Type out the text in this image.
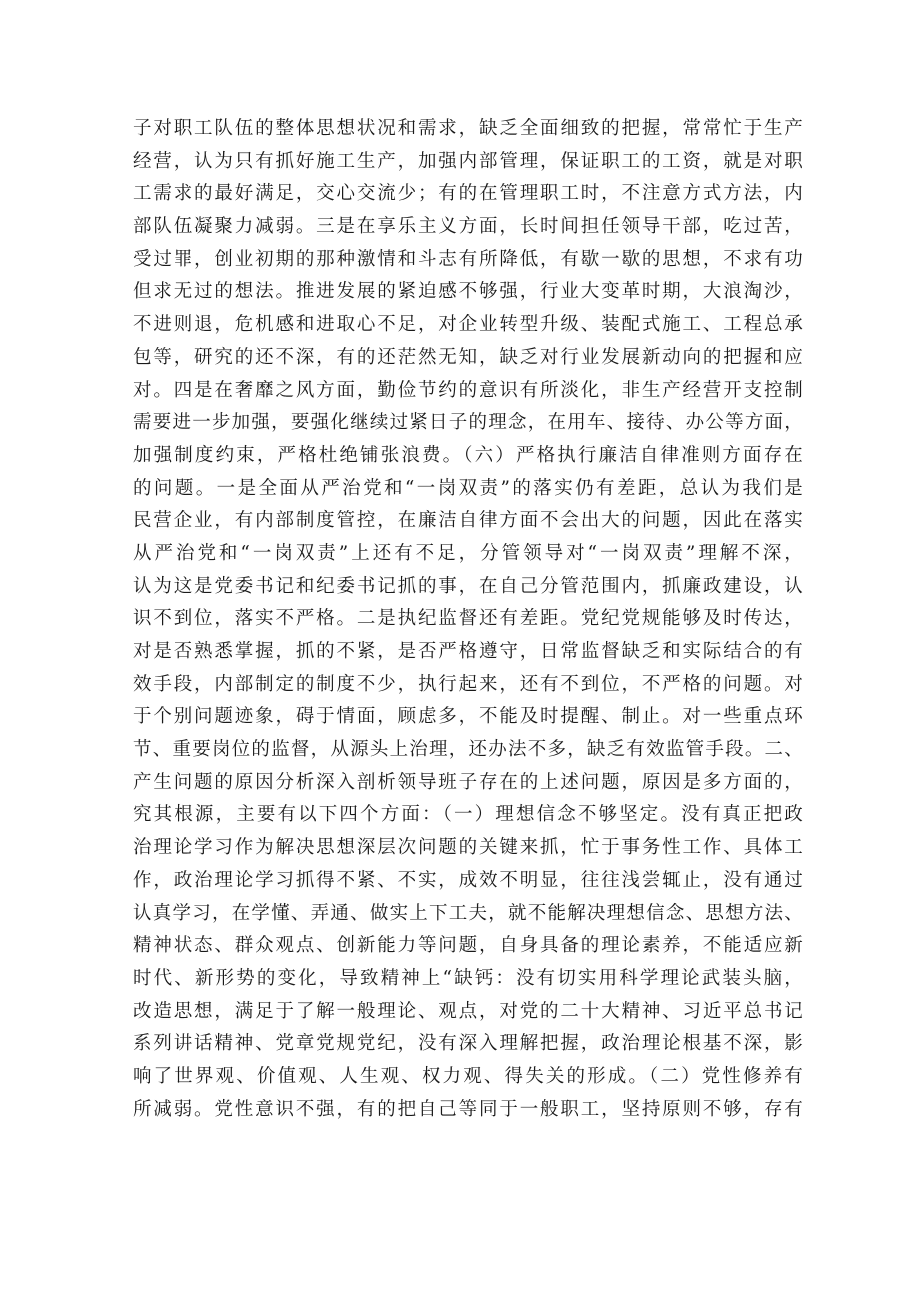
子对职工队伍的整体思想状况和需求，缺乏全面细致的把握，常常忙于生产
经营，认为只有抓好施工生产，加强内部管理，保证职工的工资，就是对职
工需求的最好满足，交心交流少；有的在管理职工时，不注意方式方法，内
部队伍凝聚力减弱。三是在享乐主义方面，长时间担任领导干部，吃过苦，
受过罪，创业初期的那种激情和斗志有所降低，有歇一歇的思想，不求有功
但求无过的想法。推进发展的紧迫感不够强，行业大变革时期，大浪淘沙，
不进则退，危机感和进取心不足，对企业转型升级、装配式施工、工程总承
包等，研究的还不深，有的还茫然无知，缺乏对行业发展新动向的把握和应
对。四是在奢靡之风方面，勤俭节约的意识有所淡化，非生产经营开支控制
需要进一步加强，要强化继续过紧日子的理念，在用车、接待、办公等方面，
加强制度约束，严格杜绝铺张浪费。（六）严格执行廉洁自律准则方面存在
的问题。一是全面从严治党和“一岗双责”的落实仍有差距，总认为我们是
民营企业，有内部制度管控，在廉洁自律方面不会出大的问题，因此在落实
从严治党和“一岗双责”上还有不足，分管领导对“一岗双责”理解不深，
认为这是党委书记和纪委书记抓的事，在自己分管范围内，抓廉政建设，认
识不到位，落实不严格。二是执纪监督还有差距。党纪党规能够及时传达，
对是否熟悉掌握，抓的不紧，是否严格遵守，日常监督缺乏和实际结合的有
效手段，内部制定的制度不少，执行起来，还有不到位，不严格的问题。对
于个别问题迹象，碍于情面，顾虑多，不能及时提醒、制止。对一些重点环
节、重要岗位的监督，从源头上治理，还办法不多，缺乏有效监管手段。二、
产生问题的原因分析深入剖析领导班子存在的上述问题，原因是多方面的，
究其根源，主要有以下四个方面：（一）理想信念不够坚定。没有真正把政
治理论学习作为解决思想深层次问题的关键来抓，忙于事务性工作、具体工
作，政治理论学习抓得不紧、不实，成效不明显，往往浅尝辄止，没有通过
认真学习，在学懂、弄通、做实上下工夫，就不能解决理想信念、思想方法、
精神状态、群众观点、创新能力等问题，自身具备的理论素养，不能适应新
时代、新形势的变化，导致精神上“缺钙：没有切实用科学理论武装头脑，
改造思想，满足于了解一般理论、观点，对党的二十大精神、习近平总书记
系列讲话精神、党章党规党纪，没有深入理解把握，政治理论根基不深，影
响了世界观、价值观、人生观、权力观、得失关的形成。（二）党性修养有
所减弱。党性意识不强，有的把自己等同于一般职工，坚持原则不够，存有
